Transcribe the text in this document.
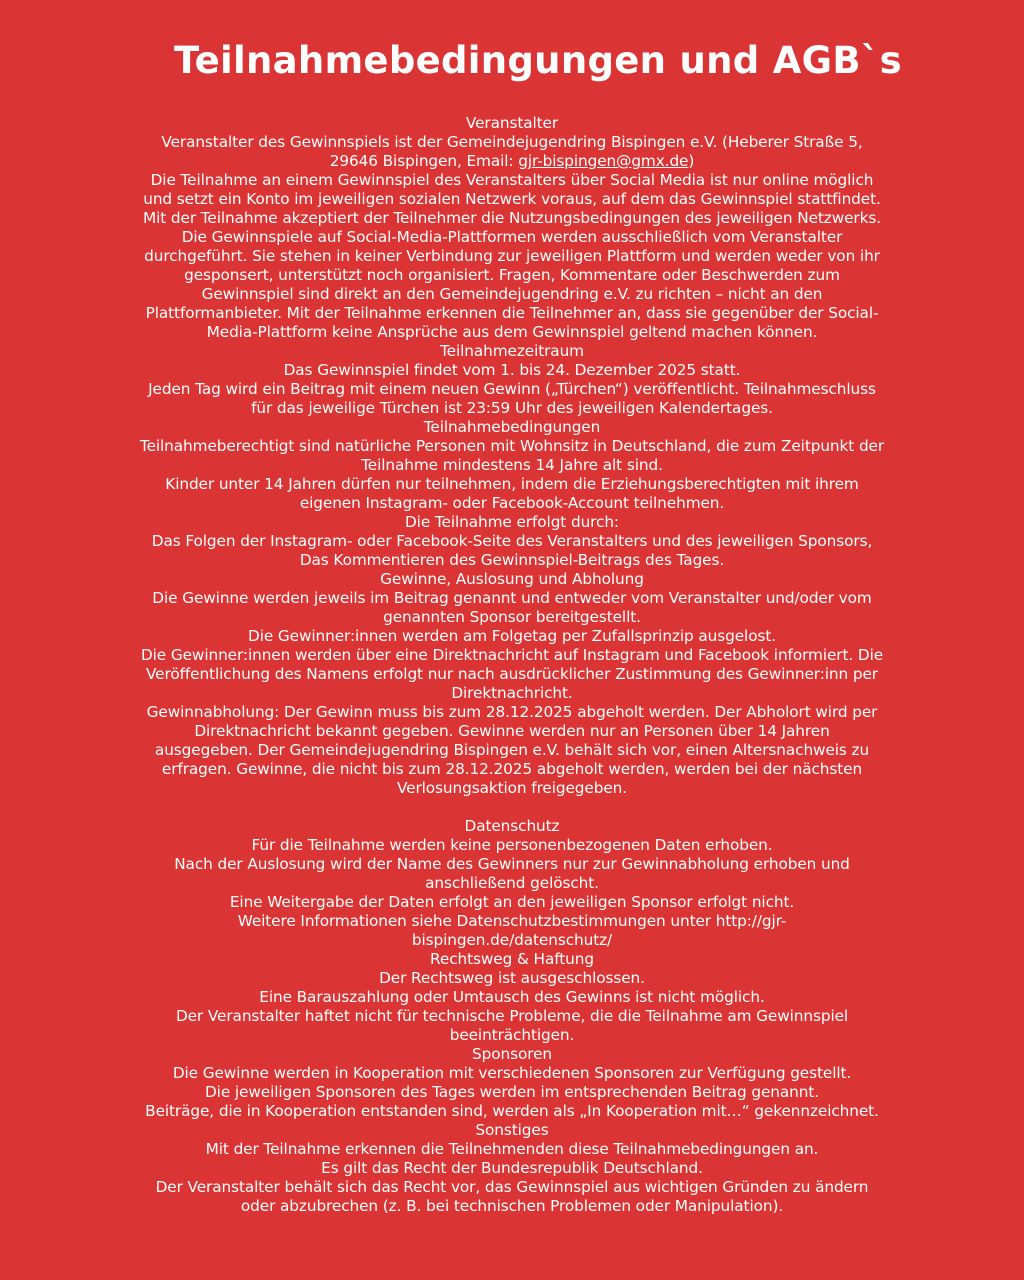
Teilnahmebedingungen und AGB`s
Veranstalter
Veranstalter des Gewinnspiels ist der Gemeindejugendring Bispingen e.V. (Heberer Straße 5,
29646 Bispingen, Email: gjr-bispingen@gmx.de)
Die Teilnahme an einem Gewinnspiel des Veranstalters über Social Media ist nur online möglich
und setzt ein Konto im jeweiligen sozialen Netzwerk voraus, auf dem das Gewinnspiel stattfindet.
Mit der Teilnahme akzeptiert der Teilnehmer die Nutzungsbedingungen des jeweiligen Netzwerks.
Die Gewinnspiele auf Social-Media-Plattformen werden ausschließlich vom Veranstalter
durchgeführt. Sie stehen in keiner Verbindung zur jeweiligen Plattform und werden weder von ihr
gesponsert, unterstützt noch organisiert. Fragen, Kommentare oder Beschwerden zum
Gewinnspiel sind direkt an den Gemeindejugendring e.V. zu richten – nicht an den
Plattformanbieter. Mit der Teilnahme erkennen die Teilnehmer an, dass sie gegenüber der Social-
Media-Plattform keine Ansprüche aus dem Gewinnspiel geltend machen können.
Teilnahmezeitraum
Das Gewinnspiel findet vom 1. bis 24. Dezember 2025 statt.
Jeden Tag wird ein Beitrag mit einem neuen Gewinn („Türchen“) veröffentlicht. Teilnahmeschluss
für das jeweilige Türchen ist 23:59 Uhr des jeweiligen Kalendertages.
Teilnahmebedingungen
Teilnahmeberechtigt sind natürliche Personen mit Wohnsitz in Deutschland, die zum Zeitpunkt der
Teilnahme mindestens 14 Jahre alt sind.
Kinder unter 14 Jahren dürfen nur teilnehmen, indem die Erziehungsberechtigten mit ihrem
eigenen Instagram- oder Facebook-Account teilnehmen.
Die Teilnahme erfolgt durch:
Das Folgen der Instagram- oder Facebook-Seite des Veranstalters und des jeweiligen Sponsors,
Das Kommentieren des Gewinnspiel-Beitrags des Tages.
Gewinne, Auslosung und Abholung
Die Gewinne werden jeweils im Beitrag genannt und entweder vom Veranstalter und/oder vom
genannten Sponsor bereitgestellt.
Die Gewinner:innen werden am Folgetag per Zufallsprinzip ausgelost.
Die Gewinner:innen werden über eine Direktnachricht auf Instagram und Facebook informiert. Die
Veröffentlichung des Namens erfolgt nur nach ausdrücklicher Zustimmung des Gewinner:inn per
Direktnachricht.
Gewinnabholung: Der Gewinn muss bis zum 28.12.2025 abgeholt werden. Der Abholort wird per
Direktnachricht bekannt gegeben. Gewinne werden nur an Personen über 14 Jahren
ausgegeben. Der Gemeindejugendring Bispingen e.V. behält sich vor, einen Altersnachweis zu
erfragen. Gewinne, die nicht bis zum 28.12.2025 abgeholt werden, werden bei der nächsten
Verlosungsaktion freigegeben.
Datenschutz
Für die Teilnahme werden keine personenbezogenen Daten erhoben.
Nach der Auslosung wird der Name des Gewinners nur zur Gewinnabholung erhoben und
anschließend gelöscht.
Eine Weitergabe der Daten erfolgt an den jeweiligen Sponsor erfolgt nicht.
Weitere Informationen siehe Datenschutzbestimmungen unter http://gjr-
bispingen.de/datenschutz/
Rechtsweg & Haftung
Der Rechtsweg ist ausgeschlossen.
Eine Barauszahlung oder Umtausch des Gewinns ist nicht möglich.
Der Veranstalter haftet nicht für technische Probleme, die die Teilnahme am Gewinnspiel
beeinträchtigen.
Sponsoren
Die Gewinne werden in Kooperation mit verschiedenen Sponsoren zur Verfügung gestellt.
Die jeweiligen Sponsoren des Tages werden im entsprechenden Beitrag genannt.
Beiträge, die in Kooperation entstanden sind, werden als „In Kooperation mit…“ gekennzeichnet.
Sonstiges
Mit der Teilnahme erkennen die Teilnehmenden diese Teilnahmebedingungen an.
Es gilt das Recht der Bundesrepublik Deutschland.
Der Veranstalter behält sich das Recht vor, das Gewinnspiel aus wichtigen Gründen zu ändern
oder abzubrechen (z. B. bei technischen Problemen oder Manipulation).
